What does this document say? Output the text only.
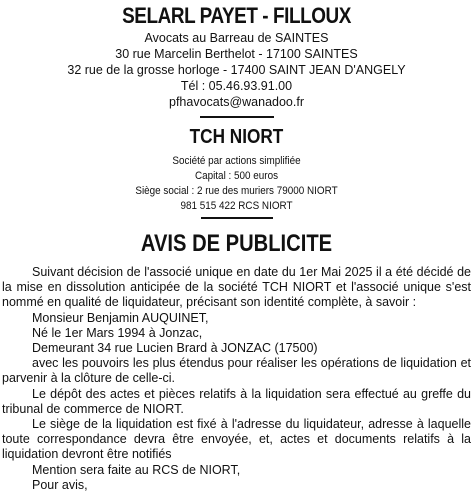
SELARL PAYET - FILLOUX
Avocats au Barreau de SAINTES
30 rue Marcelin Berthelot - 17100 SAINTES
32 rue de la grosse horloge - 17400 SAINT JEAN D'ANGELY
Tél : 05.46.93.91.00
pfhavocats@wanadoo.fr
TCH NIORT
Société par actions simplifiée
Capital : 500 euros
Siège social : 2 rue des muriers 79000 NIORT
981 515 422 RCS NIORT
AVIS DE PUBLICITE

Suivant décision de l'associé unique en date du 1er Mai 2025 il a été décidé de la mise en dissolution anticipée de la société TCH NIORT et l'associé unique s'est nommé en qualité de liquidateur, précisant son identité complète, à savoir :

Monsieur Benjamin AUQUINET,

Né le 1er Mars 1994 à Jonzac,

Demeurant 34 rue Lucien Brard à JONZAC (17500)

avec les pouvoirs les plus étendus pour réaliser les opérations de liquidation et parvenir à la clôture de celle-ci.

Le dépôt des actes et pièces relatifs à la liquidation sera effectué au greffe du tribunal de commerce de NIORT.

Le siège de la liquidation est fixé à l'adresse du liquidateur, adresse à laquelle toute correspondance devra être envoyée, et, actes et documents relatifs à la liquidation devront être notifiés

Mention sera faite au RCS de NIORT,

Pour avis,
